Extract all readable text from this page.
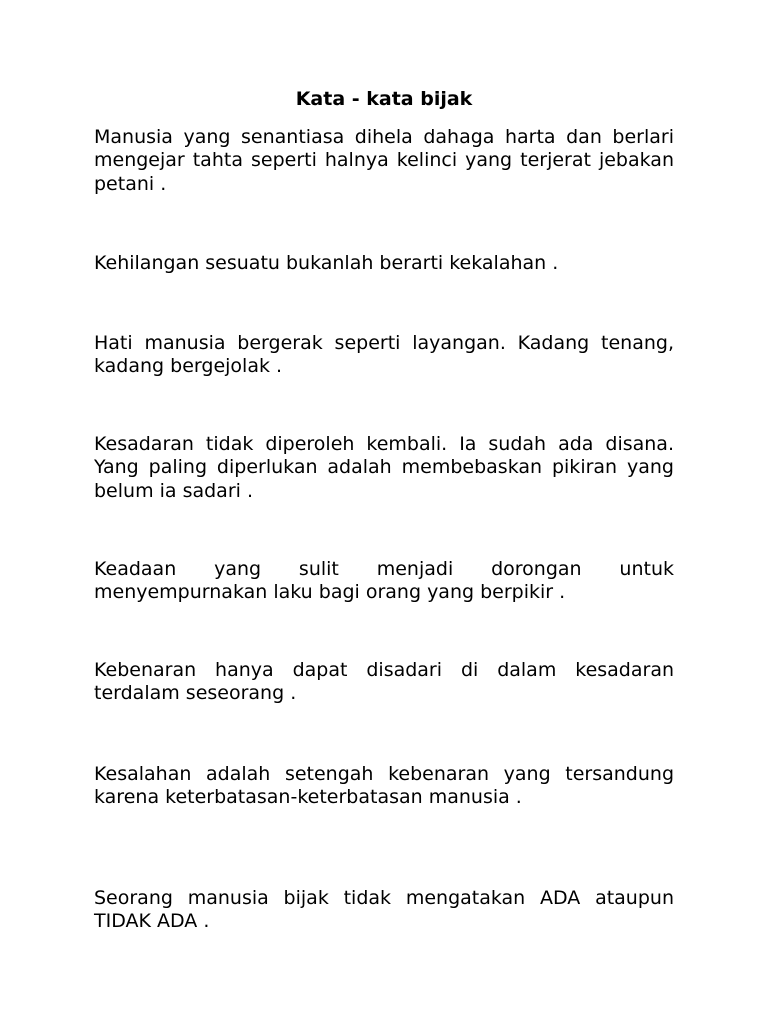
Kata - kata bijak

Manusia yang senantiasa dihela dahaga harta dan berlari mengejar tahta seperti halnya kelinci yang terjerat jebakan petani .

Kehilangan sesuatu bukanlah berarti kekalahan .

Hati manusia bergerak seperti layangan. Kadang tenang, kadang bergejolak .

Kesadaran tidak diperoleh kembali. Ia sudah ada disana. Yang paling diperlukan adalah membebaskan pikiran yang belum ia sadari .

Keadaan yang sulit menjadi dorongan untuk menyempurnakan laku bagi orang yang berpikir .

Kebenaran hanya dapat disadari di dalam kesadaran terdalam seseorang .

Kesalahan adalah setengah kebenaran yang tersandung karena keterbatasan-keterbatasan manusia .

Seorang manusia bijak tidak mengatakan ADA ataupun TIDAK ADA .
